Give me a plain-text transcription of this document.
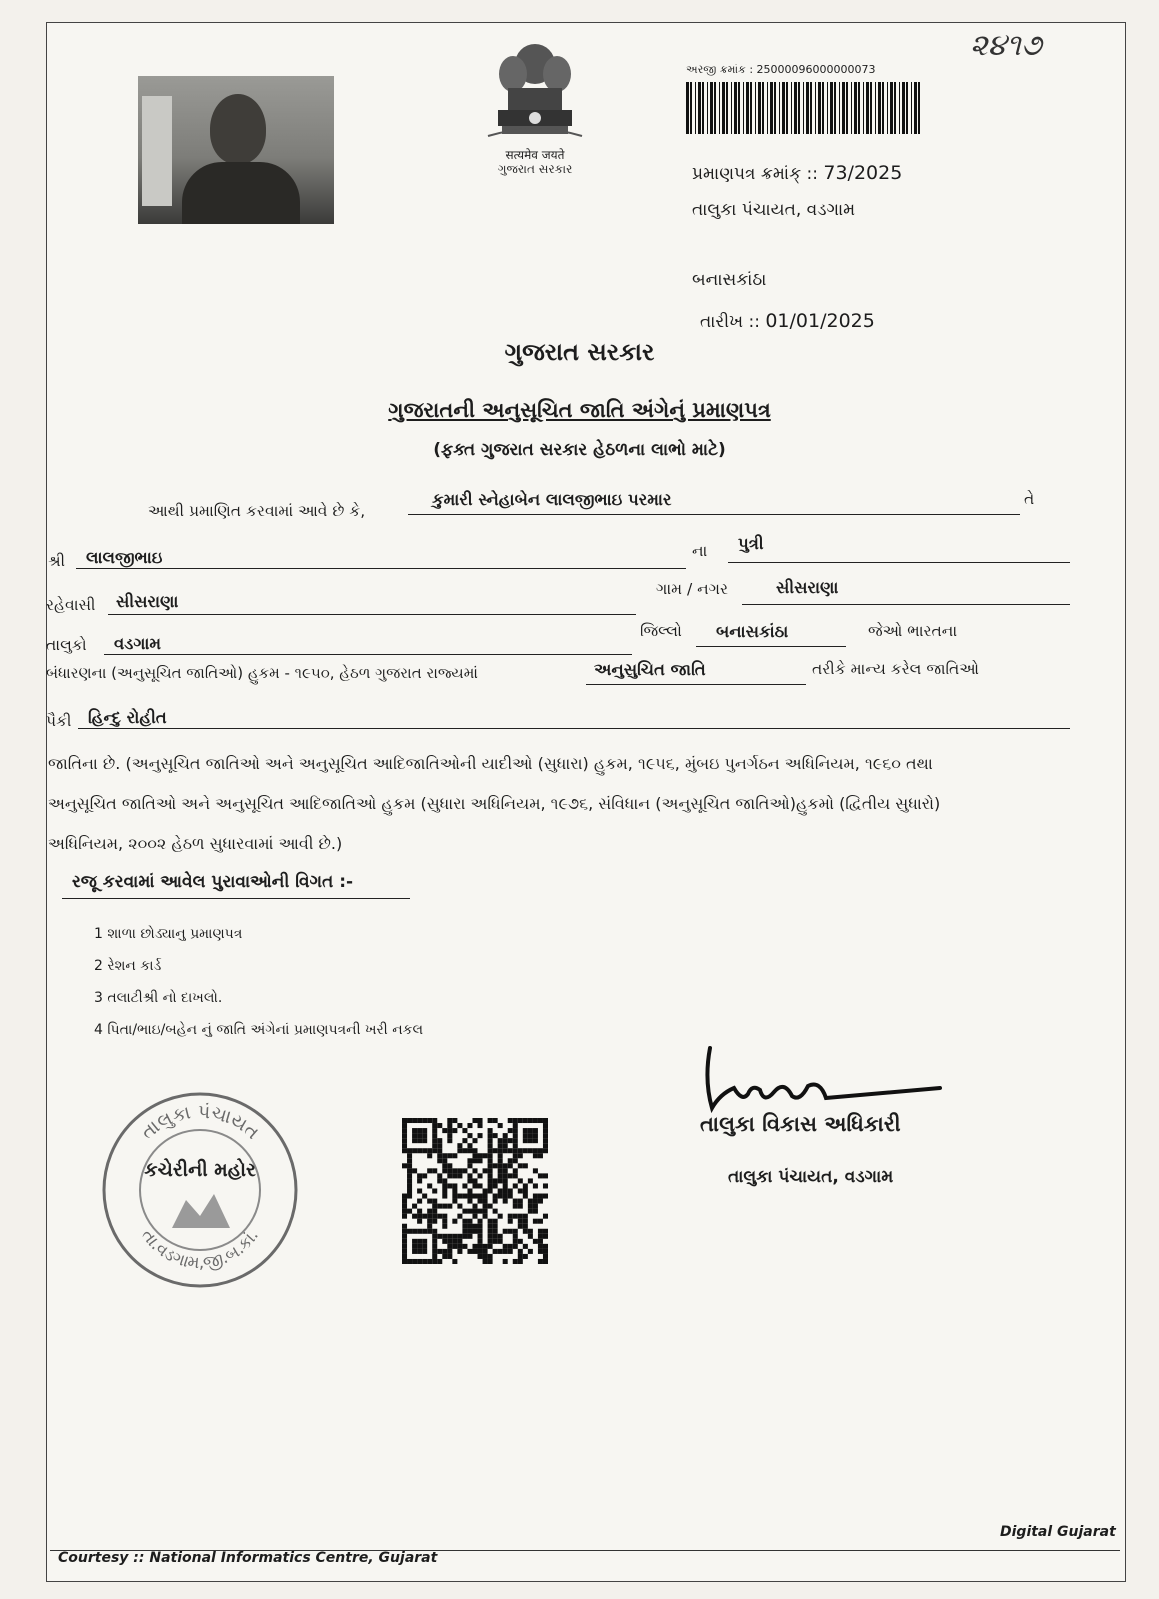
सत्यमेव जयते
ગુજરાત સરકાર
૨૪૧૭
અરજી ક્રમાંક : 25000096000000073
પ્રમાણપત્ર ક્રમાંક્ :: 73/2025
તાલુકા પંચાયત, વડગામ
બનાસકાંઠા
તારીખ :: 01/01/2025
ગુજરાત સરકાર
ગુજરાતની અનુસૂચિત જાતિ અંગેનું પ્રમાણપત્ર
(ફક્ત ગુજરાત સરકાર હેઠળના લાભો માટે)
આથી પ્રમાણિત કરવામાં આવે છે કે,
કુમારી સ્નેહાબેન લાલજીભાઇ પરમાર	તે
શ્રી લાલજીભાઇ	ના પુત્રી
રહેવાસી સીસરાણા
ગામ / નગર	સીસરાણા
તાલુકો વડગામ
જિલ્લો બનાસકાંઠા	જેઓ ભારતના
બંધારણના (અનુસૂચિત જાતિઓ) હુકમ - ૧૯૫૦, હેઠળ ગુજરાત રાજ્યમાં	અનુસુચિત જાતિ	તરીકે માન્ય કરેલ જાતિઓ
પૈકી હિન્દુ રોહીત
જાતિના છે. (અનુસૂચિત જાતિઓ અને અનુસૂચિત આદિજાતિઓની યાદીઓ (સુધારા) હુકમ, ૧૯૫૬, મુંબઇ પુનર્ગઠન અધિનિયમ, ૧૯૬૦ તથા
અનુસૂચિત જાતિઓ અને અનુસૂચિત આદિજાતિઓ હુકમ (સુધારા અધિનિયમ, ૧૯૭૬, સંવિધાન (અનુસૂચિત જાતિઓ)હુકમો (દ્વિતીય સુધારો)
અધિનિયમ, ૨૦૦૨ હેઠળ સુધારવામાં આવી છે.)
રજૂ કરવામાં આવેલ પુરાવાઓની વિગત :-
1 શાળા છોડ્યાનુ પ્રમાણપત્ર
2 રેશન કાર્ડ
3 તલાટીશ્રી નો દાખલો.
4 પિતા/ભાઇ/બહેન નું જાતિ અંગેનાં પ્રમાણપત્રની ખરી નકલ
તાલુકા પંચાયત
તા.વડગામ,જી.બ.કાં.
કચેરીની મહોર
તાલુકા વિકાસ અધિકારી
તાલુકા પંચાયત, વડગામ
Digital Gujarat
Courtesy :: National Informatics Centre, Gujarat
